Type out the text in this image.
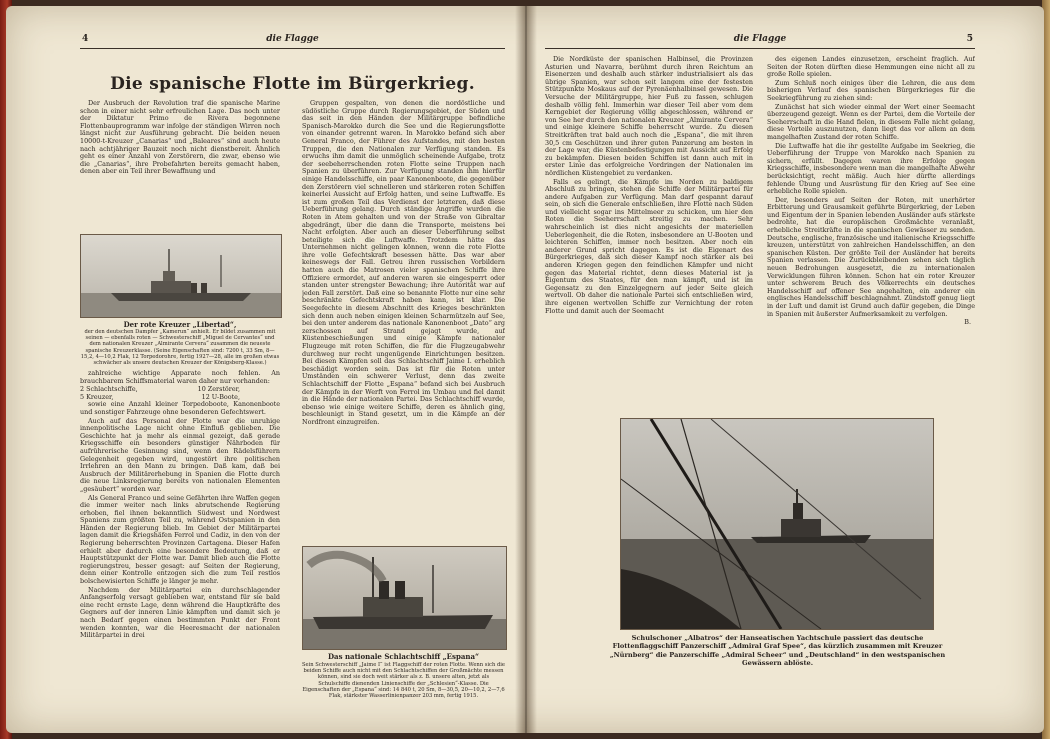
4	die Flagge
Die spanische Flotte im Bürgerkrieg.

Der Ausbruch der Revolution traf die spanische Marine schon in einer nicht sehr erfreulichen Lage. Das noch unter der Diktatur Primo de Rivera begonnene Flottenbauprogramm war infolge der ständigen Wirren noch längst nicht zur Ausführung gebracht. Die beiden neuen 10000-t-Kreuzer „Canarias“ und „Baleares“ sind auch heute nach achtjähriger Bauzeit noch nicht dienstbereit. Ähnlich geht es einer Anzahl von Zerstörern, die zwar, ebenso wie die „Canarias“, ihre Probefahrten bereits gemacht haben, denen aber ein Teil ihrer Bewaffnung und

Der rote Kreuzer „Libertad“,
der den deutschen Dampfer „Kamerun“ anhielt. Er bildet zusammen mit seinen — ebenfalls roten — Schwesterschiff „Miguel de Cervantes“ und dem nationalen Kreuzer „Almirante Cervera“ zusammen die neueste spanische Kreuzerklasse. (Seine Eigenschaften sind: 7200 t, 33 Sm, 8—15,2, 4—10,2 Flak, 12 Torpedorohre, fertig 1927—28, alle im großen etwas schwächer als unsere deutschen Kreuzer der Königsberg-Klasse.)

zahlreiche wichtige Apparate noch fehlen. An brauchbarem Schiffsmaterial waren daher nur vorhanden:

2 Schlachtschiffe,	10 Zerstörer,
5 Kreuzer,	12 U-Boote,

sowie eine Anzahl kleiner Torpedoboote, Kanonenboote und sonstiger Fahrzeuge ohne besonderen Gefechtswert.

Auch auf das Personal der Flotte war die unruhige innenpolitische Lage nicht ohne Einfluß geblieben. Die Geschichte hat ja mehr als einmal gezeigt, daß gerade Kriegsschiffe ein besonders günstiger Nährboden für aufrührerische Gesinnung sind, wenn den Rädelsführern Gelegenheit gegeben wird, ungestört ihre politischen Irrlehren an den Mann zu bringen. Daß kam, daß bei Ausbruch der Militärerhebung in Spanien die Flotte durch die neue Linksregierung bereits von nationalen Elementen „gesäubert“ worden war.

Als General Franco und seine Gefährten ihre Waffen gegen die immer weiter nach links abrutschende Regierung erhoben, fiel ihnen bekanntlich Südwest und Nordwest Spaniens zum größten Teil zu, während Ostspanien in den Händen der Regierung blieb. Im Gebiet der Militärpartei lagen damit die Kriegshäfen Ferrol und Cadiz, in den von der Regierung beherrschten Provinzen Cartagena. Dieser Hafen erhielt aber dadurch eine besondere Bedeutung, daß er Hauptstützpunkt der Flotte war. Damit blieb auch die Flotte regierungstreu, besser gesagt: auf Seiten der Regierung, denn einer Kontrolle entzogen sich die zum Teil restlos bolschewisierten Schiffe je länger je mehr.

Nachdem der Militärpartei ein durchschlagender Anfangserfolg versagt geblieben war, entstand für sie bald eine recht ernste Lage, denn während die Hauptkräfte des Gegners auf der inneren Linie kämpften und damit sich je nach Bedarf gegen einen bestimmten Punkt der Front wenden konnten, war die Heeresmacht der nationalen Militärpartei in drei

Gruppen gespalten, von denen die nordöstliche und südöstliche Gruppe durch Regierungsgebiet, der Süden und das seit in den Händen der Militärgruppe befindliche Spanisch-Marokko durch die See und die Regierungsflotte von einander getrennt waren. In Marokko befand sich aber General Franco, der Führer des Aufstandes, mit den besten Truppen, die den Nationalen zur Verfügung standen. Es erwuchs ihm damit die unmöglich scheinende Aufgabe, trotz der seebeherrschenden roten Flotte seine Truppen nach Spanien zu überführen. Zur Verfügung standen ihm hierfür einige Handelsschiffe, ein paar Kanonenboote, die gegenüber den Zerstörern viel schnelleren und stärkeren roten Schiffen keinerlei Aussicht auf Erfolg hatten, und seine Luftwaffe. Es ist zum großen Teil das Verdienst der letzteren, daß diese Ueberführung gelang. Durch ständige Angriffe wurden die Roten in Atem gehalten und von der Straße von Gibraltar abgedrängt, über die dann die Transporte, meistens bei Nacht erfolgten. Aber auch an dieser Ueberführung selbst beteiligte sich die Luftwaffe. Trotzdem hätte das Unternehmen nicht gelingen können, wenn die rote Flotte ihre volle Gefechtskraft besessen hätte. Das war aber keineswegs der Fall. Getreu ihren russischen Vorbildern hatten auch die Matrosen vieler spanischen Schiffe ihre Offiziere ermordet, auf anderen waren sie eingesperrt oder standen unter strengster Bewachung; ihre Autorität war auf jeden Fall zerstört. Daß eine so benannte Flotte nur eine sehr beschränkte Gefechtskraft haben kann, ist klar. Die Seegefechte in diesem Abschnitt des Krieges beschränkten sich denn auch neben einigen kleinen Scharmützeln auf See, bei den unter anderem das nationale Kanonenboot „Dato“ arg zerschossen auf Strand gejagt wurde, auf Küstenbeschießungen und einige Kämpfe nationaler Flugzeuge mit roten Schiffen, die für die Flugzeugabwehr durchweg nur recht ungenügende Einrichtungen besitzen. Bei diesen Kämpfen soll das Schlachtschiff Jaime I. erheblich beschädigt worden sein. Das ist für die Roten unter Umständen ein schwerer Verlust, denn das zweite Schlachtschiff der Flotte „Espana“ befand sich bei Ausbruch der Kämpfe in der Werft von Ferrol im Umbau und fiel damit in die Hände der nationalen Partei. Das Schlachtschiff wurde, ebenso wie einige weitere Schiffe, deren es ähnlich ging, beschleunigt in Stand gesetzt, um in die Kämpfe an der Nordfront einzugreifen.

Das nationale Schlachtschiff „Espana“
Sein Schwesterschiff „Jaime I“ ist Flaggschiff der roten Flotte. Wenn sich die beiden Schiffe auch nicht mit den Schlachtschiffen der Großmächte messen können, sind sie doch weit stärker als z. B. unsere alten, jetzt als Schulschiffe dienenden Linienschiffe der „Schlesien“-Klasse. Die Eigenschaften der „Espana“ sind: 14 840 t, 20 Sm, 8—30,5, 20—10,2, 2—7,6 Flak, stärkster Wasserlinienpanzer 203 mm, fertig 1915.
die Flagge	5

Die Nordküste der spanischen Halbinsel, die Provinzen Asturien und Navarra, berühmt durch ihren Reichtum an Eisenerzen und deshalb auch stärker industrialisiert als das übrige Spanien, war schon seit langem eine der festesten Stützpunkte Moskaus auf der Pyrenäenhalbinsel gewesen. Die Versuche der Militärgruppe, hier Fuß zu fassen, schlugen deshalb völlig fehl. Immerhin war dieser Teil aber vom dem Kerngebiet der Regierung völlig abgeschlossen, während er von See her durch den nationalen Kreuzer „Almirante Cervera“ und einige kleinere Schiffe beherrscht wurde. Zu diesen Streitkräften trat bald auch noch die „Espana“, die mit ihren 30,5 cm Geschützen und ihrer guten Panzerung am besten in der Lage war, die Küstenbefestigungen mit Aussicht auf Erfolg zu bekämpfen. Diesen beiden Schiffen ist dann auch mit in erster Linie das erfolgreiche Vordringen der Nationalen im nördlichen Küstengebiet zu verdanken.

Falls es gelingt, die Kämpfe im Norden zu baldigem Abschluß zu bringen, stehen die Schiffe der Militärpartei für andere Aufgaben zur Verfügung. Man darf gespannt darauf sein, ob sich die Generale entschließen, ihre Flotte nach Süden und vielleicht sogar ins Mittelmeer zu schicken, um hier den Roten die Seeherrschaft streitig zu machen. Sehr wahrscheinlich ist dies nicht angesichts der materiellen Ueberlegenheit, die die Roten, insbesondere an U-Booten und leichteren Schiffen, immer noch besitzen. Aber noch ein anderer Grund spricht dagegen. Es ist die Eigenart des Bürgerkrieges, daß sich dieser Kampf noch stärker als bei anderen Kriegen gegen den feindlichen Kämpfer und nicht gegen das Material richtet, denn dieses Material ist ja Eigentum des Staates, für den man kämpft, und ist im Gegensatz zu den Einzelgegnern auf jeder Seite gleich wertvoll. Ob daher die nationale Partei sich entschließen wird, ihre eigenen wertvollen Schiffe zur Vernichtung der roten Flotte und damit auch der Seemacht

des eigenen Landes einzusetzen, erscheint fraglich. Auf Seiten der Roten dürften diese Hemmungen eine nicht all zu große Rolle spielen.

Zum Schluß noch einiges über die Lehren, die aus dem bisherigen Verlauf des spanischen Bürgerkrieges für die Seekriegführung zu ziehen sind:

Zunächst hat sich wieder einmal der Wert einer Seemacht überzeugend gezeigt. Wenn es der Partei, dem die Vorteile der Seeherrschaft in die Hand fielen, in diesem Falle nicht gelang, diese Vorteile auszunutzen, dann liegt das vor allem an dem mangelhaften Zustand der roten Schiffe.

Die Luftwaffe hat die ihr gestellte Aufgabe im Seekrieg, die Ueberführung der Truppe von Marokko nach Spanien zu sichern, erfüllt. Dagegen waren ihre Erfolge gegen Kriegsschiffe, insbesondere wenn man die mangelhafte Abwehr berücksichtigt, recht mäßig. Auch hier dürfte allerdings fehlende Übung und Ausrüstung für den Krieg auf See eine erhebliche Rolle spielen.

Der, besonders auf Seiten der Roten, mit unerhörter Erbitterung und Grausamkeit geführte Bürgerkrieg, der Leben und Eigentum der in Spanien lebenden Ausländer aufs stärkste bedrohte, hat die europäischen Großmächte veranlaßt, erhebliche Streitkräfte in die spanischen Gewässer zu senden. Deutsche, englische, französische und italienische Kriegsschiffe kreuzen, unterstützt von zahlreichen Handelsschiffen, an den spanischen Küsten. Der größte Teil der Ausländer hat bereits Spanien verlassen. Die Zurückbleibenden sehen sich täglich neuen Bedrohungen ausgesetzt, die zu internationalen Verwicklungen führen können. Schon hat ein roter Kreuzer unter schwerem Bruch des Völkerrechts ein deutsches Handelsschiff auf offener See angehalten, ein anderer ein englisches Handelsschiff beschlagnahmt. Zündstoff genug liegt in der Luft und damit ist Grund auch dafür gegeben, die Dinge in Spanien mit äußerster Aufmerksamkeit zu verfolgen.

B.
Schulschoner „Albatros“ der Hanseatischen Yachtschule passiert das deutsche Flottenflaggschiff Panzerschiff „Admiral Graf Spee“, das kürzlich zusammen mit Kreuzer „Nürnberg“ die Panzerschiffe „Admiral Scheer“ und „Deutschland“ in den westspanischen Gewässern ablöste.
